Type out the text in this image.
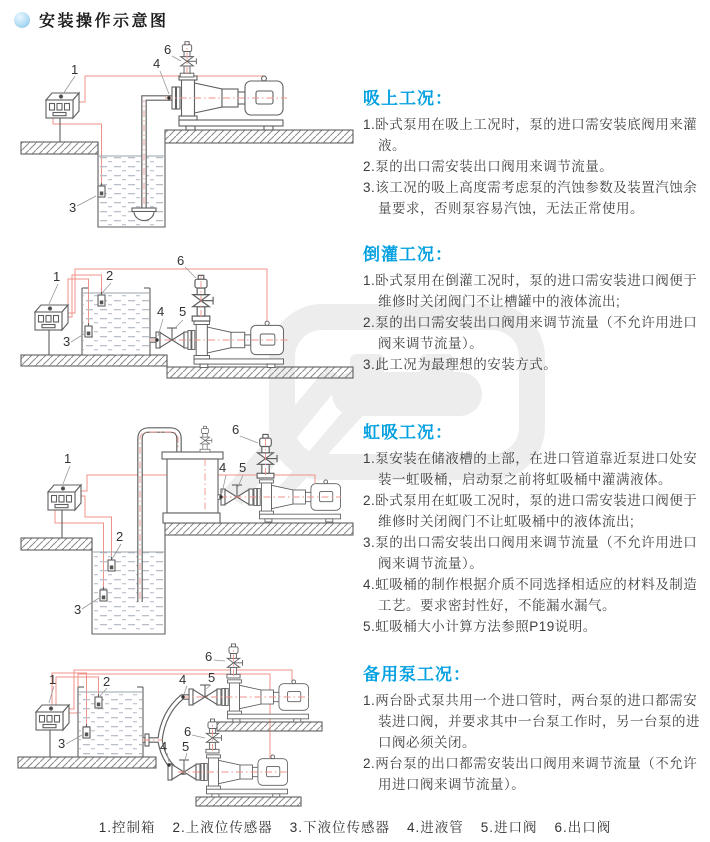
安装操作示意图
1
3
4
6
1	2
3
4 5
6
1
2
3
4 5
6
1	2
3
4 5
6
4 5
6
吸上工况：
1.卧式泵用在吸上工况时，泵的进口需安装底阀用来灌液。
2.泵的出口需安装出口阀用来调节流量。
3.该工况的吸上高度需考虑泵的汽蚀参数及装置汽蚀余量要求，否则泵容易汽蚀，无法正常使用。
倒灌工况：
1.卧式泵用在倒灌工况时，泵的进口需安装进口阀便于维修时关闭阀门不让槽罐中的液体流出;
2.泵的出口需安装出口阀用来调节流量（不允许用进口阀来调节流量）。
3.此工况为最理想的安装方式。
虹吸工况：
1.泵安装在储液槽的上部，在进口管道靠近泵进口处安装一虹吸桶，启动泵之前将虹吸桶中灌满液体。
2.卧式泵用在虹吸工况时，泵的进口需安装进口阀便于维修时关闭阀门不让虹吸桶中的液体流出;
3.泵的出口需安装出口阀用来调节流量（不允许用进口阀来调节流量）。
4.虹吸桶的制作根据介质不同选择相适应的材料及制造工艺。要求密封性好，不能漏水漏气。
5.虹吸桶大小计算方法参照P19说明。
备用泵工况：
1.两台卧式泵共用一个进口管时，两台泵的进口都需安装进口阀，并要求其中一台泵工作时，另一台泵的进口阀必须关闭。
2.两台泵的出口都需安装出口阀用来调节流量（不允许用进口阀来调节流量）。
1.控制箱 2.上液位传感器 3.下液位传感器 4.进液管 5.进口阀 6.出口阀
